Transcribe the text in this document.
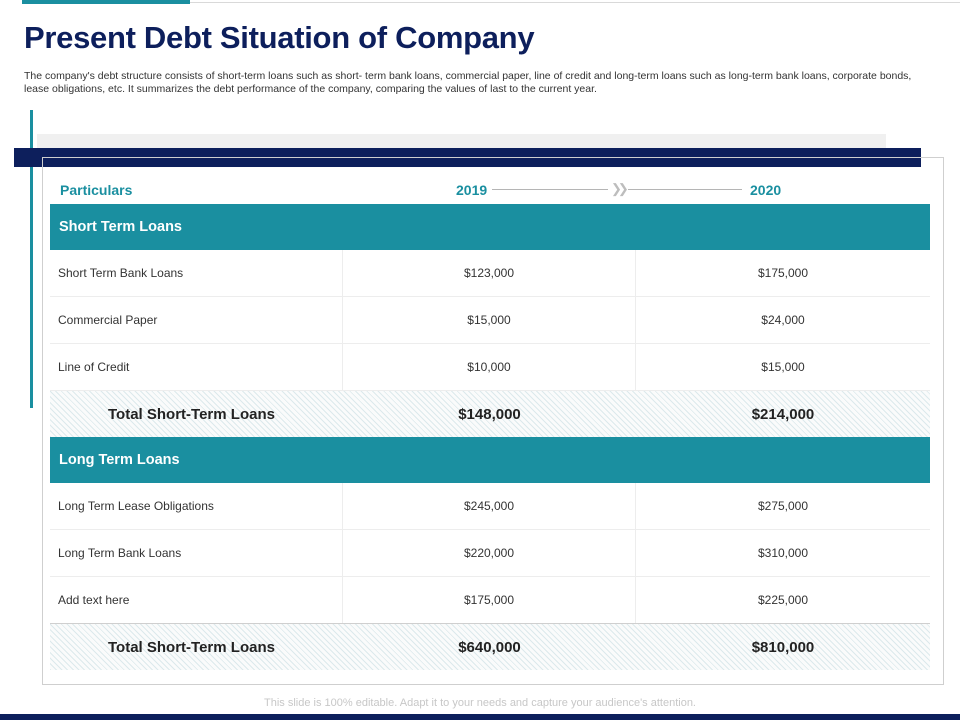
Present Debt Situation of Company

The company's debt structure consists of short-term loans such as short- term bank loans, commercial paper, line of credit and long-term loans such as long-term bank loans, corporate bonds, lease obligations, etc. It summarizes the debt performance of the company, comparing the values of last to the current year.

Particulars	2019	2020
❯❯
Short Term Loans
Short Term Bank Loans	$123,000	$175,000
Commercial Paper	$15,000	$24,000
Line of Credit	$10,000	$15,000
Total Short-Term Loans	$148,000	$214,000
Long Term Loans
Long Term Lease Obligations	$245,000	$275,000
Long Term Bank Loans	$220,000	$310,000
Add text here	$175,000	$225,000
Total Short-Term Loans	$640,000	$810,000
This slide is 100% editable. Adapt it to your needs and capture your audience's attention.
